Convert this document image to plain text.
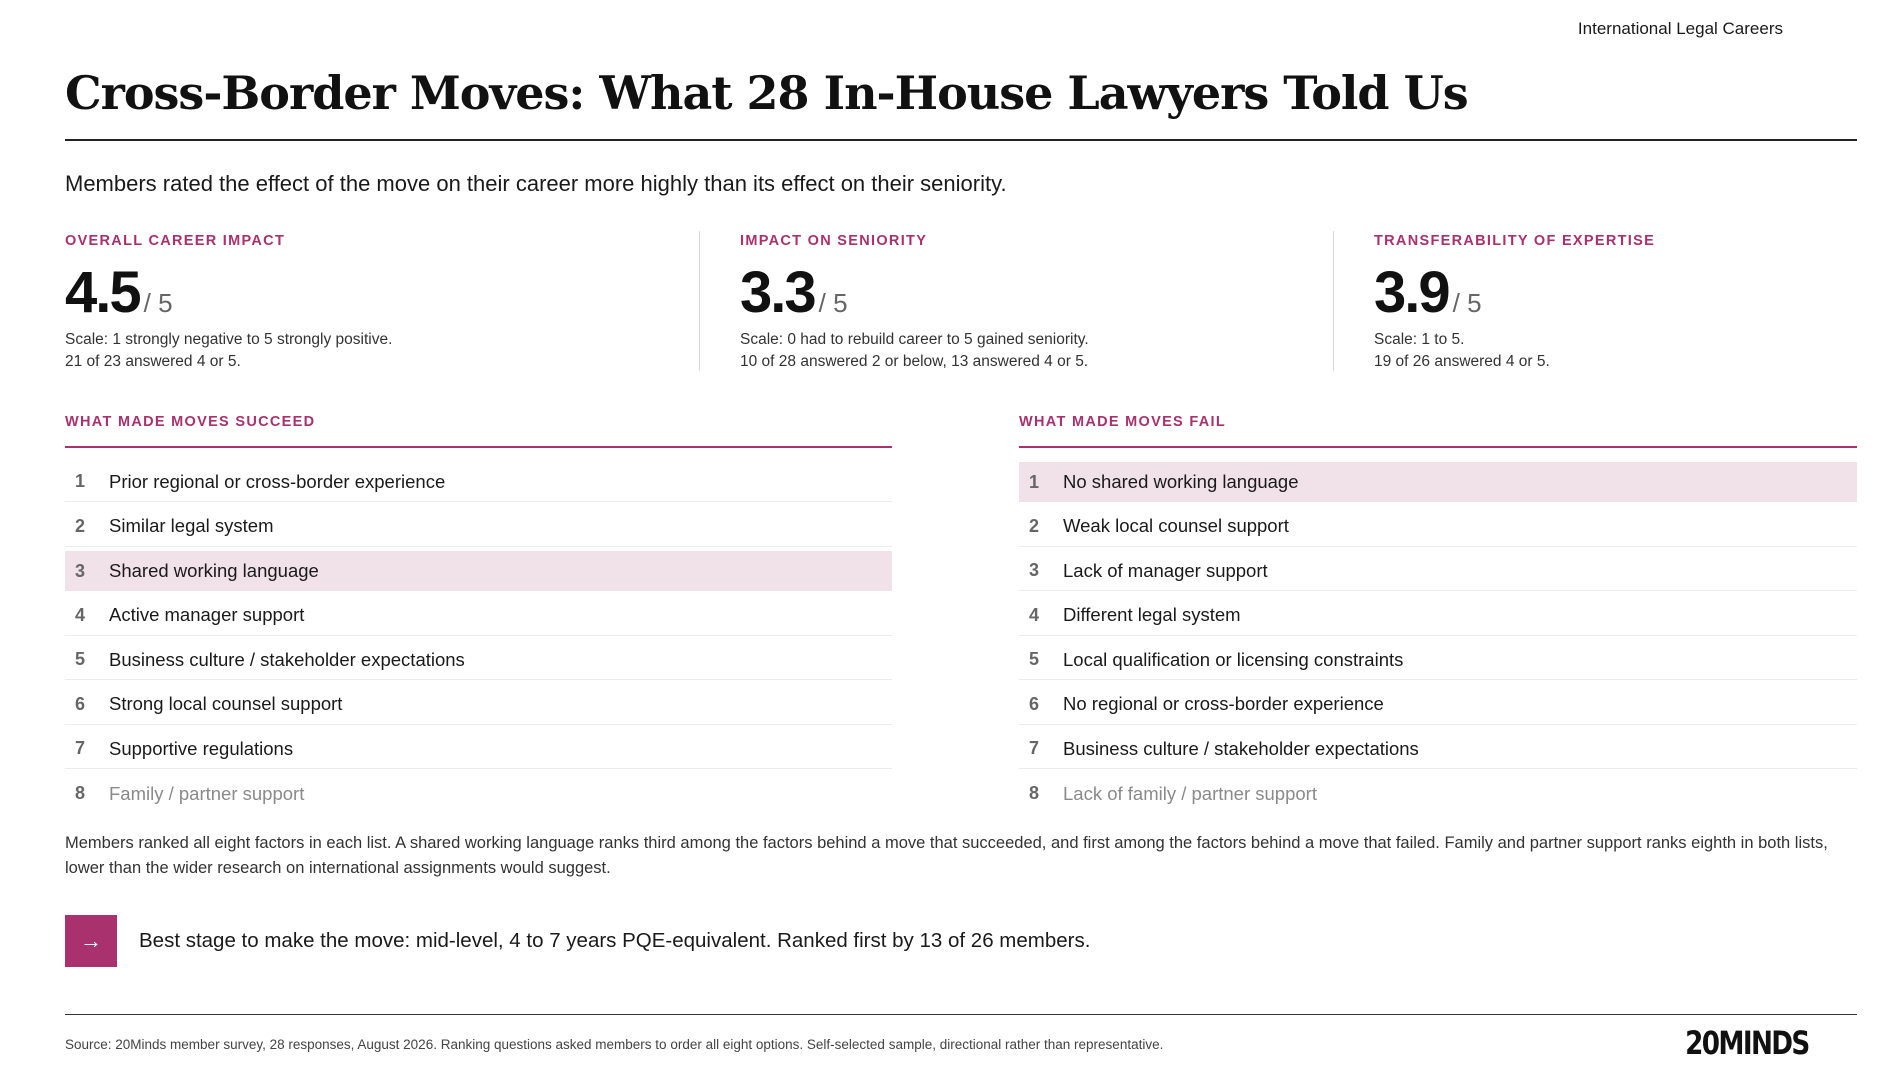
International Legal Careers
Cross-Border Moves: What 28 In-House Lawyers Told Us

Members rated the effect of the move on their career more highly than its effect on their seniority.

OVERALL CAREER IMPACT
4.5 / 5
Scale: 1 strongly negative to 5 strongly positive.
21 of 23 answered 4 or 5.
IMPACT ON SENIORITY
3.3 / 5
Scale: 0 had to rebuild career to 5 gained seniority.
10 of 28 answered 2 or below, 13 answered 4 or 5.
TRANSFERABILITY OF EXPERTISE
3.9 / 5
Scale: 1 to 5.
19 of 26 answered 4 or 5.
WHAT MADE MOVES SUCCEED
1	Prior regional or cross-border experience
2	Similar legal system
3	Shared working language
4	Active manager support
5	Business culture / stakeholder expectations
6	Strong local counsel support
7	Supportive regulations
8	Family / partner support
WHAT MADE MOVES FAIL
1	No shared working language
2	Weak local counsel support
3	Lack of manager support
4	Different legal system
5	Local qualification or licensing constraints
6	No regional or cross-border experience
7	Business culture / stakeholder expectations
8	Lack of family / partner support

Members ranked all eight factors in each list. A shared working language ranks third among the factors behind a move that succeeded, and first among the factors behind a move that failed. Family and partner support ranks eighth in both lists, lower than the wider research on international assignments would suggest.

→	Best stage to make the move: mid-level, 4 to 7 years PQE-equivalent. Ranked first by 13 of 26 members.
Source: 20Minds member survey, 28 responses, August 2026. Ranking questions asked members to order all eight options. Self-selected sample, directional rather than representative.	20MINDS
